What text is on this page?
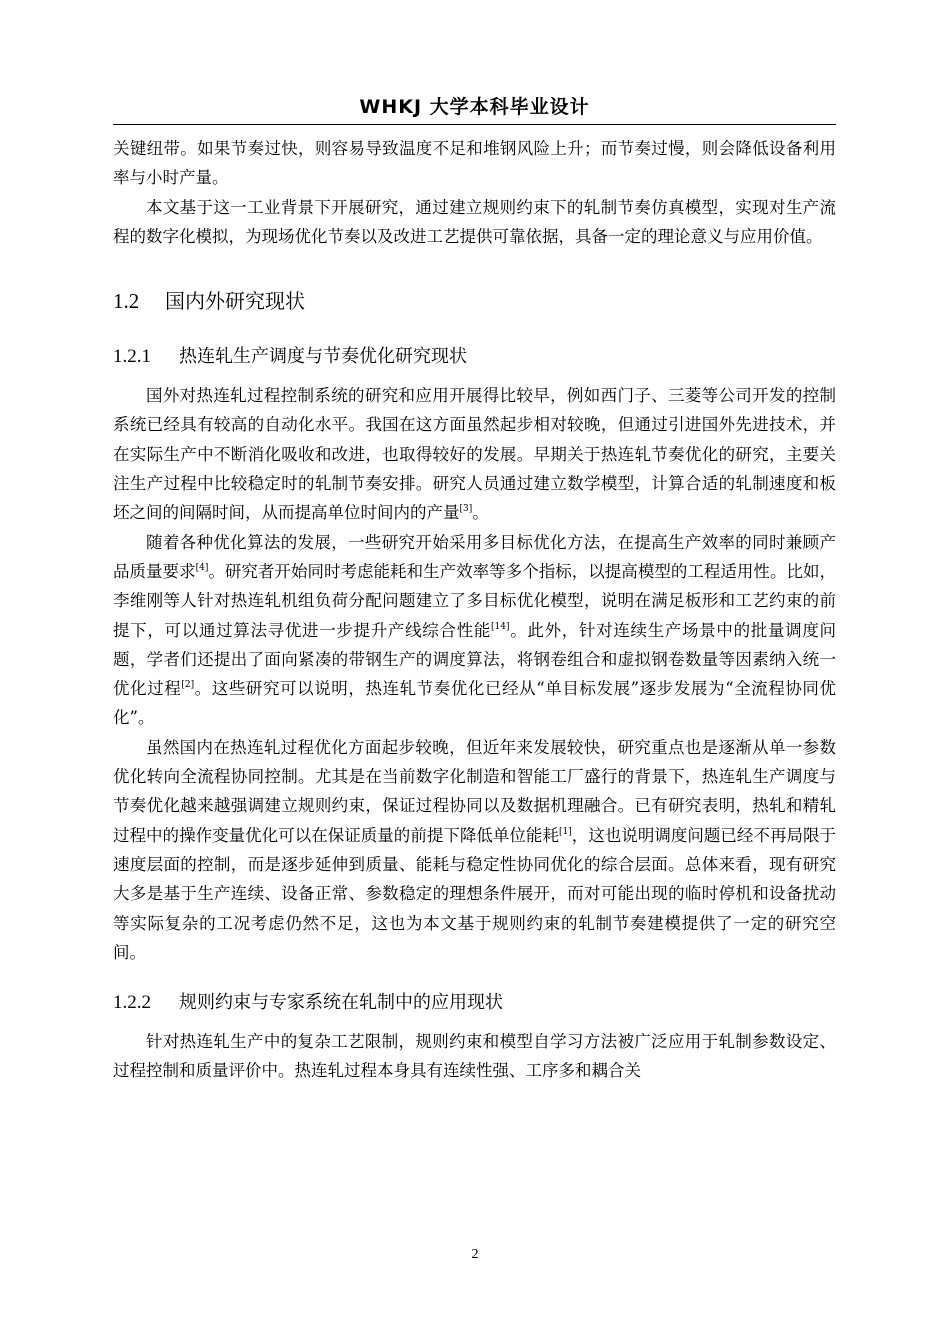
WHKJ 大学本科毕业设计

关键纽带。如果节奏过快，则容易导致温度不足和堆钢风险上升；而节奏过慢，则会降低设备利用率与小时产量。

本文基于这一工业背景下开展研究，通过建立规则约束下的轧制节奏仿真模型，实现对生产流程的数字化模拟，为现场优化节奏以及改进工艺提供可靠依据，具备一定的理论意义与应用价值。

1.2 国内外研究现状
1.2.1 热连轧生产调度与节奏优化研究现状

国外对热连轧过程控制系统的研究和应用开展得比较早，例如西门子、三菱等公司开发的控制系统已经具有较高的自动化水平。我国在这方面虽然起步相对较晚，但通过引进国外先进技术，并在实际生产中不断消化吸收和改进，也取得较好的发展。早期关于热连轧节奏优化的研究，主要关注生产过程中比较稳定时的轧制节奏安排。研究人员通过建立数学模型，计算合适的轧制速度和板坯之间的间隔时间，从而提高单位时间内的产量[3]。

随着各种优化算法的发展，一些研究开始采用多目标优化方法，在提高生产效率的同时兼顾产品质量要求[4]。研究者开始同时考虑能耗和生产效率等多个指标，以提高模型的工程适用性。比如，李维刚等人针对热连轧机组负荷分配问题建立了多目标优化模型，说明在满足板形和工艺约束的前提下，可以通过算法寻优进一步提升产线综合性能[14]。此外，针对连续生产场景中的批量调度问题，学者们还提出了面向紧凑的带钢生产的调度算法，将钢卷组合和虚拟钢卷数量等因素纳入统一优化过程[2]。这些研究可以说明，热连轧节奏优化已经从“单目标发展”逐步发展为“全流程协同优化”。

虽然国内在热连轧过程优化方面起步较晚，但近年来发展较快，研究重点也是逐渐从单一参数优化转向全流程协同控制。尤其是在当前数字化制造和智能工厂盛行的背景下，热连轧生产调度与节奏优化越来越强调建立规则约束，保证过程协同以及数据机理融合。已有研究表明，热轧和精轧过程中的操作变量优化可以在保证质量的前提下降低单位能耗[1]，这也说明调度问题已经不再局限于速度层面的控制，而是逐步延伸到质量、能耗与稳定性协同优化的综合层面。总体来看，现有研究大多是基于生产连续、设备正常、参数稳定的理想条件展开，而对可能出现的临时停机和设备扰动等实际复杂的工况考虑仍然不足，这也为本文基于规则约束的轧制节奏建模提供了一定的研究空间。

1.2.2 规则约束与专家系统在轧制中的应用现状

针对热连轧生产中的复杂工艺限制，规则约束和模型自学习方法被广泛应用于轧制参数设定、过程控制和质量评价中。热连轧过程本身具有连续性强、工序多和耦合关

2
